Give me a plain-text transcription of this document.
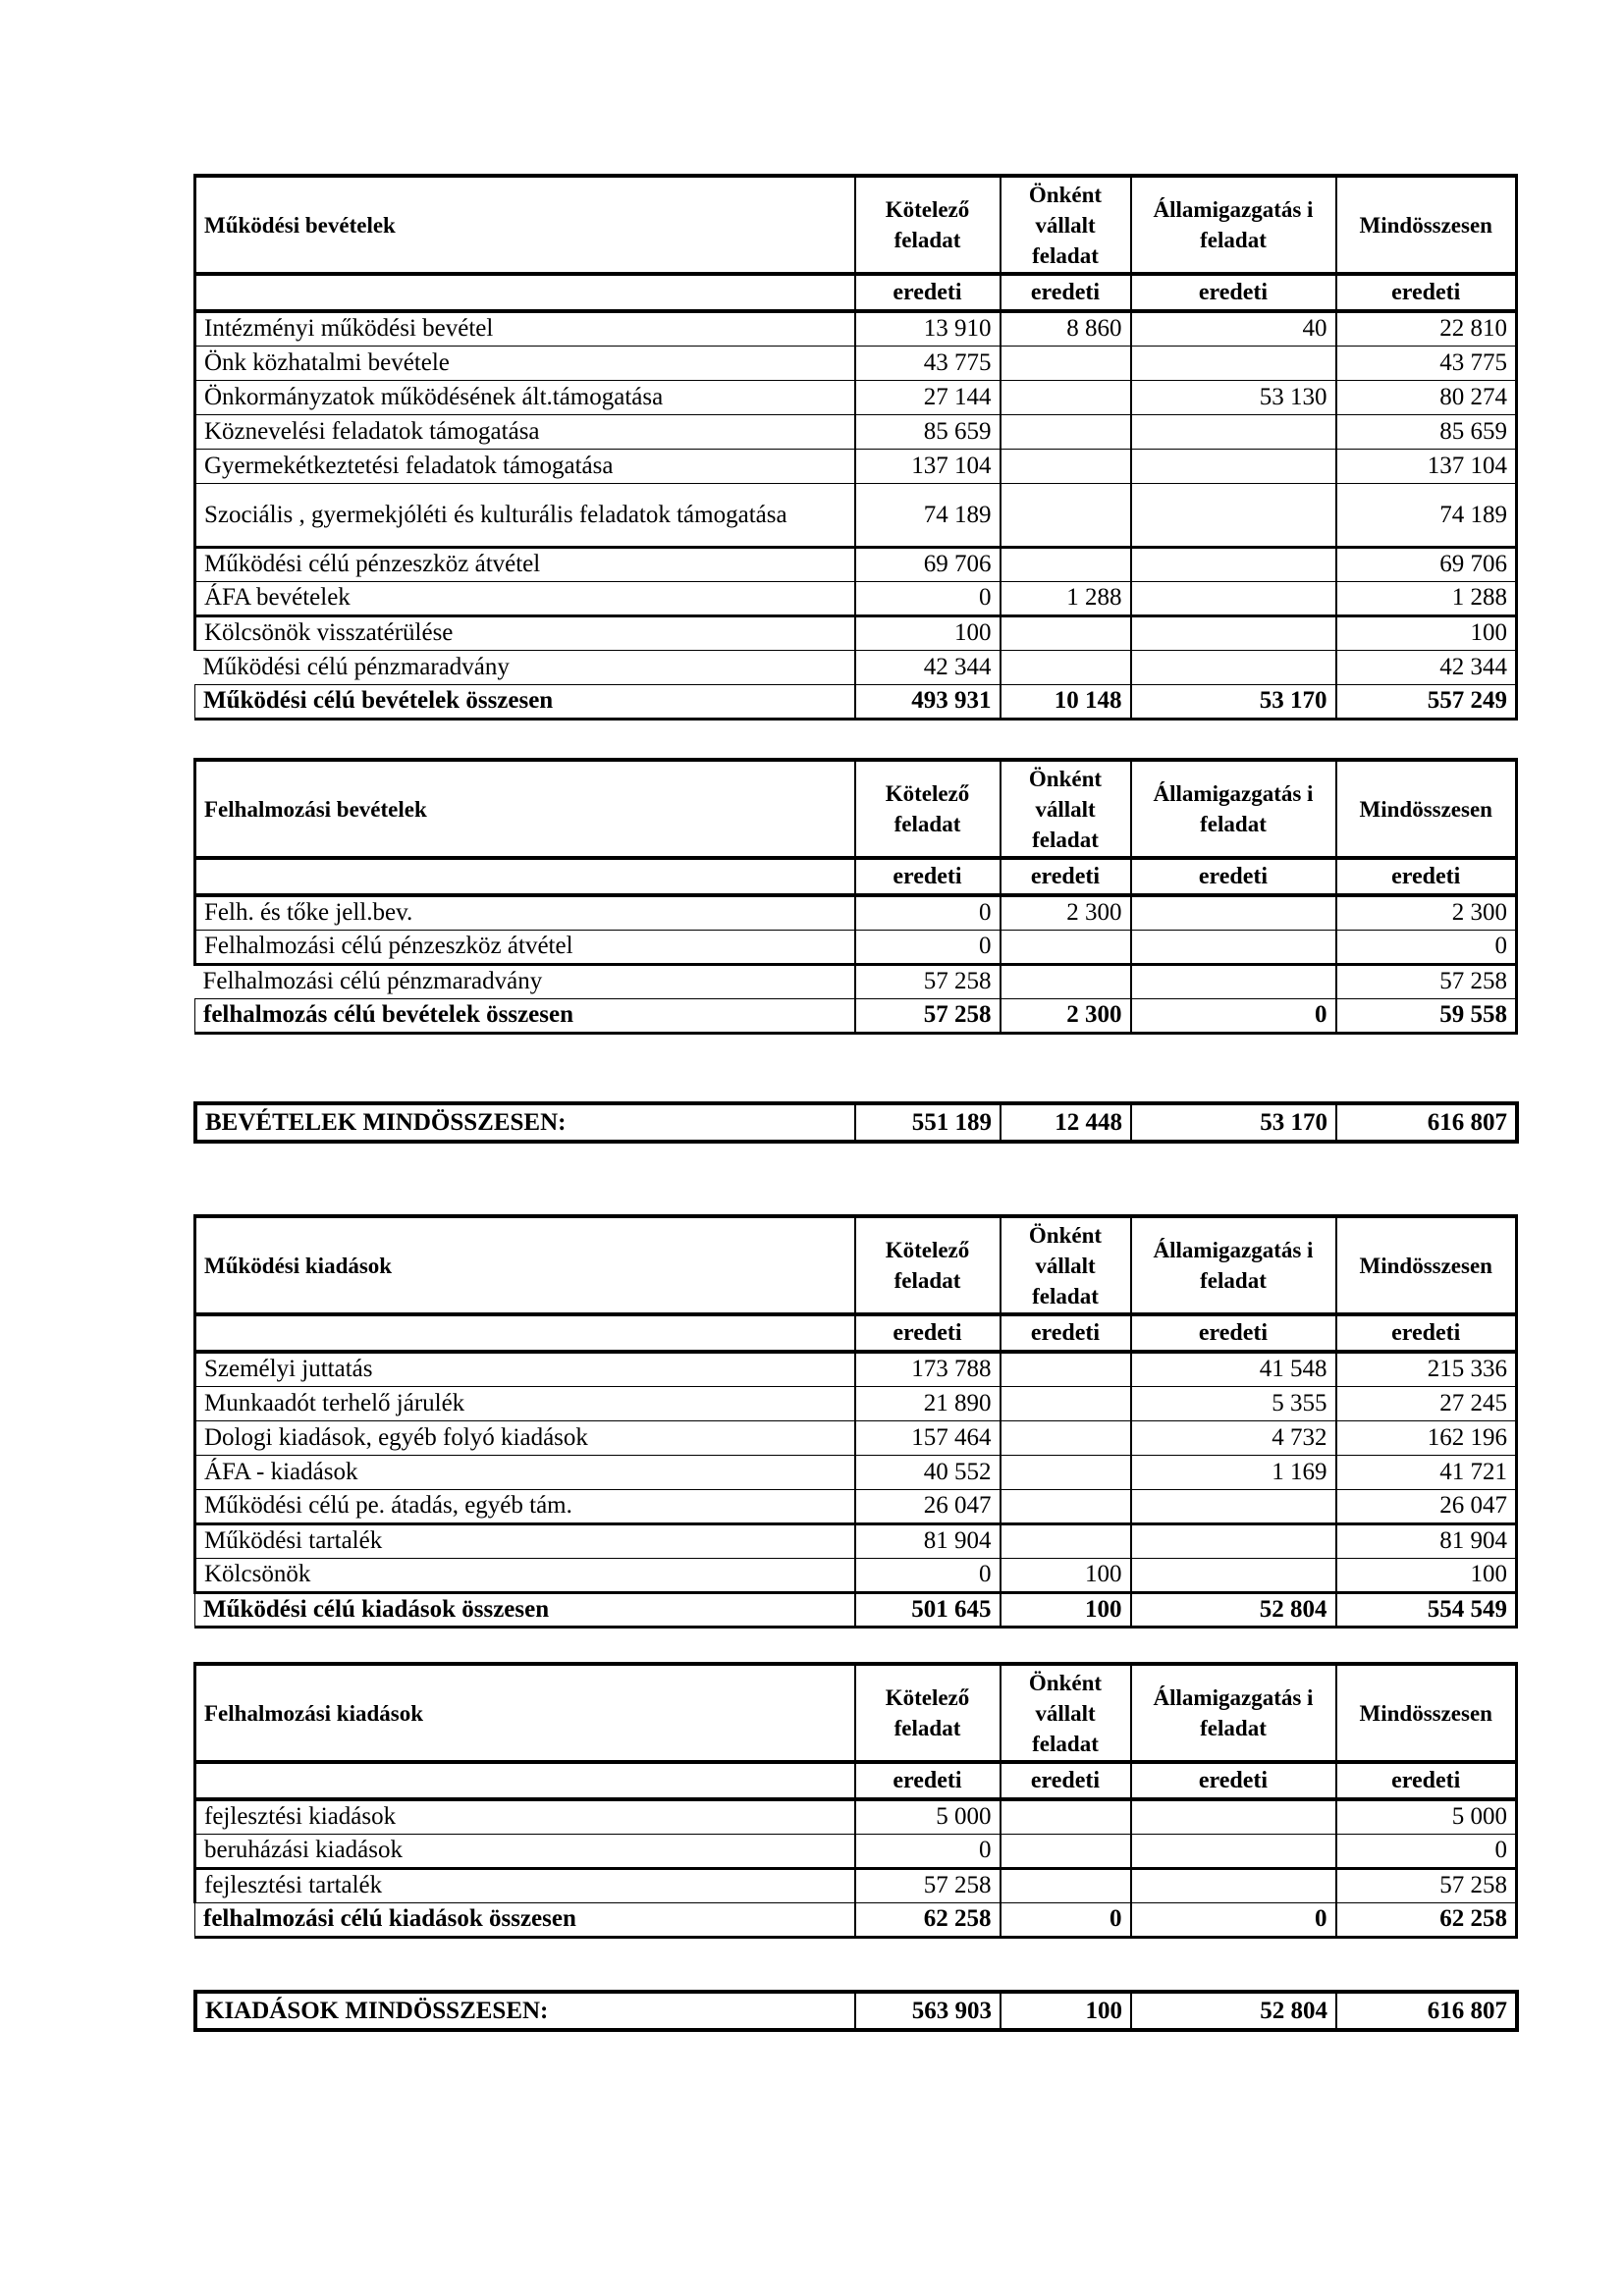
Működési bevételek	Kötelező feladat	Önként vállalt feladat	Államigazgatás i feladat	Mindösszesen
	eredeti	eredeti	eredeti	eredeti
Intézményi működési bevétel	13 910	8 860	40	22 810
Önk közhatalmi bevétele	43 775			43 775
Önkormányzatok működésének ált.támogatása	27 144		53 130	80 274
Köznevelési feladatok támogatása	85 659			85 659
Gyermekétkeztetési feladatok támogatása	137 104			137 104
Szociális , gyermekjóléti és kulturális feladatok támogatása	74 189			74 189
Működési célú pénzeszköz átvétel	69 706			69 706
ÁFA bevételek	0	1 288		1 288
Kölcsönök visszatérülése	100			100
Működési célú pénzmaradvány	42 344			42 344
Működési célú bevételek összesen	493 931	10 148	53 170	557 249
Felhalmozási bevételek	Kötelező feladat	Önként vállalt feladat	Államigazgatás i feladat	Mindösszesen
	eredeti	eredeti	eredeti	eredeti
Felh. és tőke jell.bev.	0	2 300		2 300
Felhalmozási célú pénzeszköz átvétel	0			0
Felhalmozási célú pénzmaradvány	57 258			57 258
felhalmozás célú bevételek összesen	57 258	2 300	0	59 558
BEVÉTELEK MINDÖSSZESEN:	551 189	12 448	53 170	616 807
Működési kiadások	Kötelező feladat	Önként vállalt feladat	Államigazgatás i feladat	Mindösszesen
	eredeti	eredeti	eredeti	eredeti
Személyi juttatás	173 788		41 548	215 336
Munkaadót terhelő járulék	21 890		5 355	27 245
Dologi kiadások, egyéb folyó kiadások	157 464		4 732	162 196
ÁFA - kiadások	40 552		1 169	41 721
Működési célú pe. átadás, egyéb tám.	26 047			26 047
Működési tartalék	81 904			81 904
Kölcsönök	0	100		100
Működési célú kiadások összesen	501 645	100	52 804	554 549
Felhalmozási kiadások	Kötelező feladat	Önként vállalt feladat	Államigazgatás i feladat	Mindösszesen
	eredeti	eredeti	eredeti	eredeti
fejlesztési kiadások	5 000			5 000
beruházási kiadások	0			0
fejlesztési tartalék	57 258			57 258
felhalmozási célú kiadások összesen	62 258	0	0	62 258
KIADÁSOK MINDÖSSZESEN:	563 903	100	52 804	616 807
